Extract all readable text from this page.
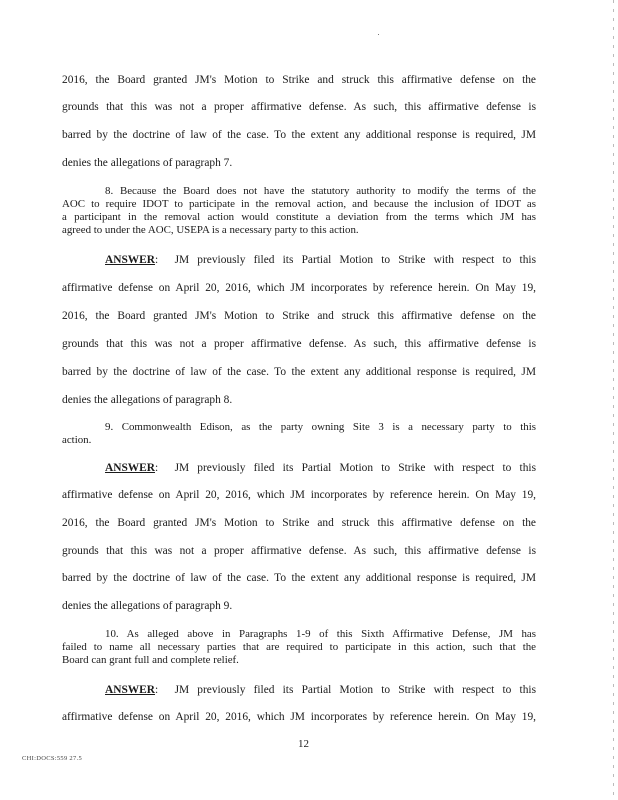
2016, the Board granted JM's Motion to Strike and struck this affirmative defense on the
grounds that this was not a proper affirmative defense. As such, this affirmative defense is
barred by the doctrine of law of the case. To the extent any additional response is required, JM
denies the allegations of paragraph 7.
8. Because the Board does not have the statutory authority to modify the terms of the
AOC to require IDOT to participate in the removal action, and because the inclusion of IDOT as
a participant in the removal action would constitute a deviation from the terms which JM has
agreed to under the AOC, USEPA is a necessary party to this action.
ANSWER: JM previously filed its Partial Motion to Strike with respect to this
affirmative defense on April 20, 2016, which JM incorporates by reference herein. On May 19,
2016, the Board granted JM's Motion to Strike and struck this affirmative defense on the
grounds that this was not a proper affirmative defense. As such, this affirmative defense is
barred by the doctrine of law of the case. To the extent any additional response is required, JM
denies the allegations of paragraph 8.
9. Commonwealth Edison, as the party owning Site 3 is a necessary party to this
action.
ANSWER: JM previously filed its Partial Motion to Strike with respect to this
affirmative defense on April 20, 2016, which JM incorporates by reference herein. On May 19,
2016, the Board granted JM's Motion to Strike and struck this affirmative defense on the
grounds that this was not a proper affirmative defense. As such, this affirmative defense is
barred by the doctrine of law of the case. To the extent any additional response is required, JM
denies the allegations of paragraph 9.
10. As alleged above in Paragraphs 1-9 of this Sixth Affirmative Defense, JM has
failed to name all necessary parties that are required to participate in this action, such that the
Board can grant full and complete relief.
ANSWER: JM previously filed its Partial Motion to Strike with respect to this
affirmative defense on April 20, 2016, which JM incorporates by reference herein. On May 19,
12
CHI:DOCS:559 27.5
